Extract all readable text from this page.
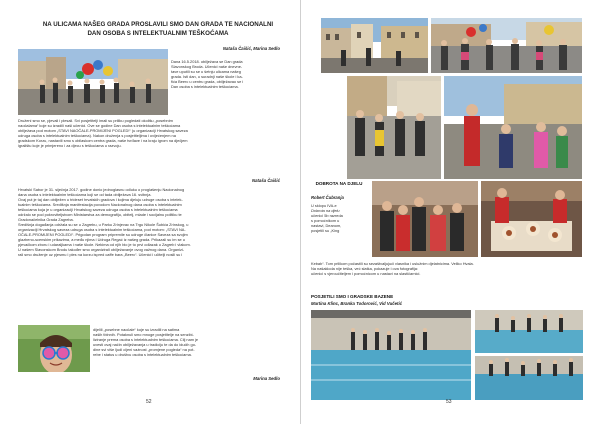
NA ULICAMA NAŠEG GRADA PROSLAVILI SMO DAN GRADA TE NACIONALNI
DAN OSOBA S INTELEKTUALNIM TEŠKOĆAMA

Nataša Čaišić, Marina Sedlo

Dana 16.5.2018. obilježava se Dan grada
Slavonskog Broda. Učenici naše dnevne-
tave uputili su se u šetnju ulicama našeg
grada. Isti dan, u suradnji naše škole i ka-
fića Beerc u centru grada, obilježavao se i
Dan osoba s intelektualnim teškoćama.
Druženi smo se, pjevali i plesali. Svi posjetitelji imali su priliku pogledati okolišu „posebnim
naočalama“ koje su izradili naši učenici. Ove se godine Dan osoba s intelektualnim teškoćama
obilježava pod motom „STAVI NAOČALE-PROMIJENI POGLED!“ (u organizaciji Hrvatskog saveza
udruga osoba s intelektualnim teškoćama). Nakon druženja s posjetiteljima i ovijećenjem na
gradskom Korzu, nastavili smo s obilaskom centra grada, naše tvrđave i na kraju igrom na dječjem
igralištu koje je primjereno i za djecu s teškoćama u razvoju.

Nataša Čaišić

Hrvatski Sabor je 31. siječnja 2017. godine donio jednoglasnu odluku o proglašenju Nacionalnog
dana osoba s intelektualnim teškoćama koji se od tada obilježava 16. svibnja.
Ovaj put je taj dan obilježen u trideset hrvatskih gradova i kojima djeluju udruge osoba s intelek-
tualnim teškoćama. Središnja manifestacija povodom Nacionalnog dana osoba s intelektualnim
teškoćama koja je u organizaciji Hrvatskog saveza udruga osoba s intelektualnim teškoćama
održalo se pod pokroviteljstvom Ministarstva za demografiju, obitelj, mlade i socijalnu politiku te
Gradonačelnika Grada Zagreba.
Središnja događanja održala su se u Zagrebu, u Parku Zrinjevac na Trgu Nikole Šubića Zrinskog, u
organizaciji Hrvatskog saveza udruga osoba s intelektualnim teškoćama, pod motom: „STAVI NA-
OČALE-PROMIJENI POGLED!“. Prigodan program pripremile su udruge članice Saveza sa svojim
glazbeno-scenskim prikazima, a među njima i Udruga Regać iz našeg grada. Prikazali su im se u
pjevačkom zboru i udaraljkama i naše škole. Nekima od njih bio je to prvi odlazak u Zagreb i vlakom.
U našem Slavonskom Brodu također smo organizirali obilježavanje ovog važnog dana. Organizi-
rali smo druženje uz pjesmu i ples na korzu ispred caffe bara „Beerc“. Učenici i učitelji nosili su i
dijelili „posebne naočale“ koje su izradili na satima
naših tblnnih. Potaknuli smo mnoge posjetitelje na senzibi-
liziranje prema osoba s intelektualnim teškoćama. Cilj nam je
uvesti ovaj način obilježavanja u tradiciju te da do idućih go-
dine svi više ljudi cijeni vaźnost „promjene pogleda“ na pot-
rebe i status u društvu osoba s intelektualnim teškoćama.

Marina Sedlo

52

DOBROTA NA DJELU

Robert Čubranja

U sklopu IVA-e
Dobrota na djelu
učenici 5b razreda
s pomoćnikom u
nastavi, Deanom,
posjetili su „King
Kebab“. Tom prilikom počastili su sezaštvaljujući vlasnika i uslužnim djelatnicima. Veliko Hvala.
Na našakloda nije teška, već slatka, pokazuje i ova fotografija:
učenici s vjeroučiteljem i pomoćnicom u nastavi na slastičarnici.

POSJETILI SMO I GRADSKE BAZENE

Martina Klinc, Branka Todorović, Vid Vučetić

53
